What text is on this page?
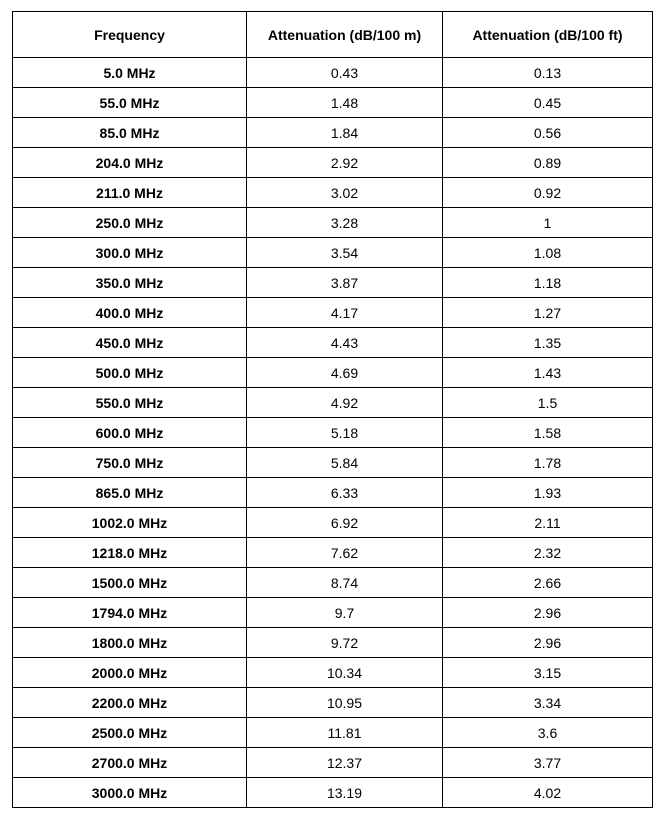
Frequency	Attenuation (dB/100 m)	Attenuation (dB/100 ft)
5.0 MHz	0.43	0.13
55.0 MHz	1.48	0.45
85.0 MHz	1.84	0.56
204.0 MHz	2.92	0.89
211.0 MHz	3.02	0.92
250.0 MHz	3.28	1
300.0 MHz	3.54	1.08
350.0 MHz	3.87	1.18
400.0 MHz	4.17	1.27
450.0 MHz	4.43	1.35
500.0 MHz	4.69	1.43
550.0 MHz	4.92	1.5
600.0 MHz	5.18	1.58
750.0 MHz	5.84	1.78
865.0 MHz	6.33	1.93
1002.0 MHz	6.92	2.11
1218.0 MHz	7.62	2.32
1500.0 MHz	8.74	2.66
1794.0 MHz	9.7	2.96
1800.0 MHz	9.72	2.96
2000.0 MHz	10.34	3.15
2200.0 MHz	10.95	3.34
2500.0 MHz	11.81	3.6
2700.0 MHz	12.37	3.77
3000.0 MHz	13.19	4.02
